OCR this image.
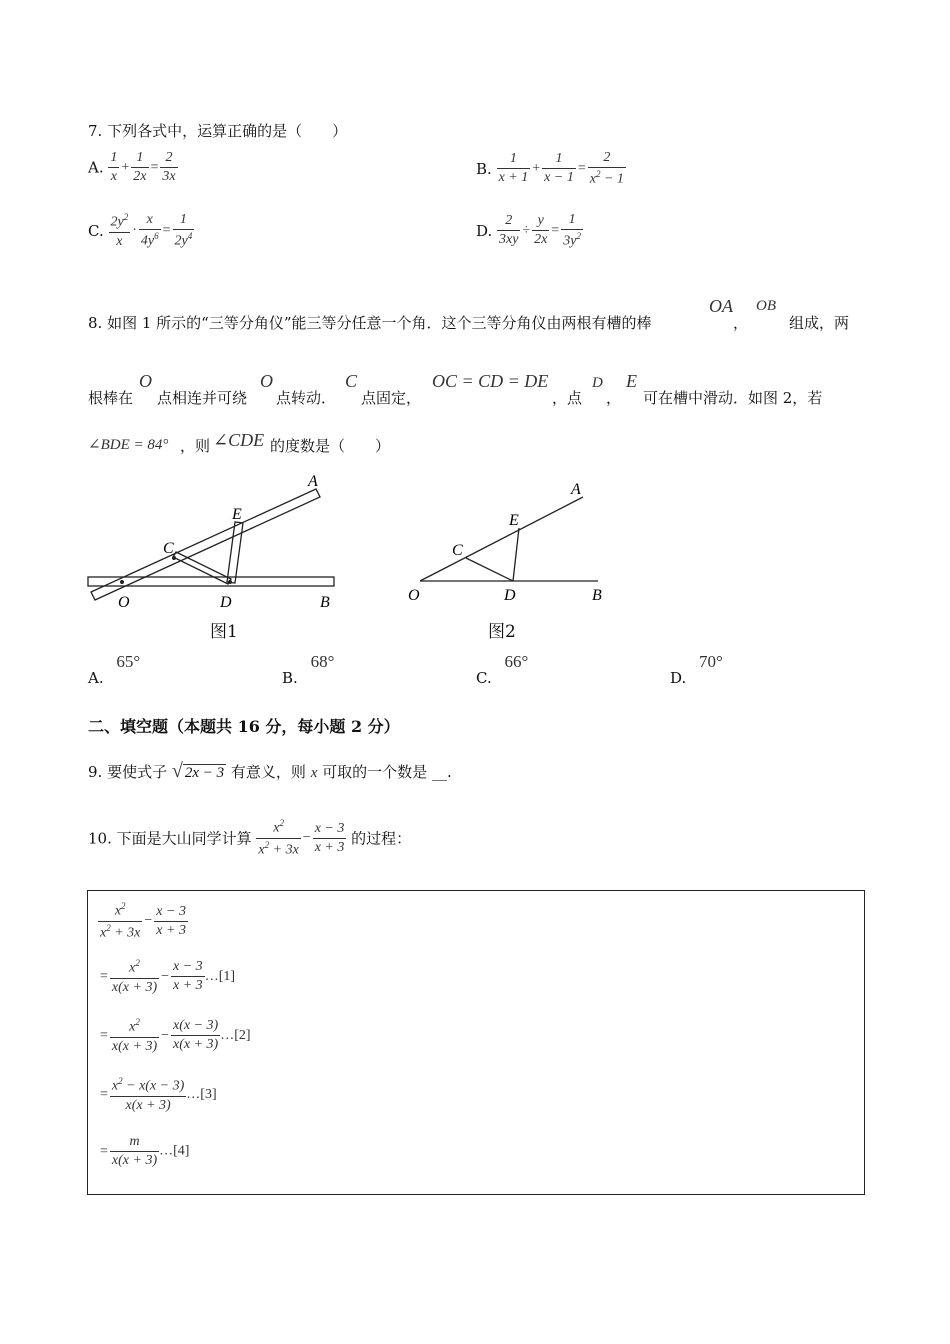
7. 下列各式中，运算正确的是（　　）
A. $\frac{1}{x} + \frac{1}{2x} = \frac{2}{3x}$	B. $\frac{1}{x + 1} + \frac{1}{x - 1} = \frac{2}{x^2 - 1}$
C. $\frac{2y^2}{x} \cdot \frac{x}{4y^6} = \frac{1}{2y^4}$	D. $\frac{2}{3xy} \div \frac{y}{2x} = \frac{1}{3y^2}$
8. 如图 1 所示的“三等分角仪”能三等分任意一个角．这个三等分角仪由两根有槽的棒
OA
，
OB
组成，两
根棒在
O
点相连并可绕
O
点转动．
C
点固定，
OC = CD = DE
，点
D
，
E
可在槽中滑动．如图 2，若
∠BDE = 84° ，则 ∠CDE 的度数是（　　）
A
E
C
O	D	B
图1
A
E
C
O	D	B
图2
A. 65°
B. 68°
C. 66°
D. 70°
二、填空题（本题共 16 分，每小题 2 分）
9. 要使式子 √ 2x − 3 有意义，则 x 可取的一个数是 __.
10. 下面是大山同学计算 $\frac{x^2}{x^2 + 3x} - \frac{x - 3}{x + 3}$ 的过程：
$\frac{x^2}{x^2 + 3x} - \frac{x - 3}{x + 3}$
= $\frac{x^2}{x(x + 3)} - \frac{x - 3}{x + 3}$ …[1]
= $\frac{x^2}{x(x + 3)} - \frac{x(x - 3)}{x(x + 3)}$ …[2]
= $\frac{x^2 - x(x - 3)}{x(x + 3)}$ …[3]
= $\frac{m}{x(x + 3)}$ …[4]
